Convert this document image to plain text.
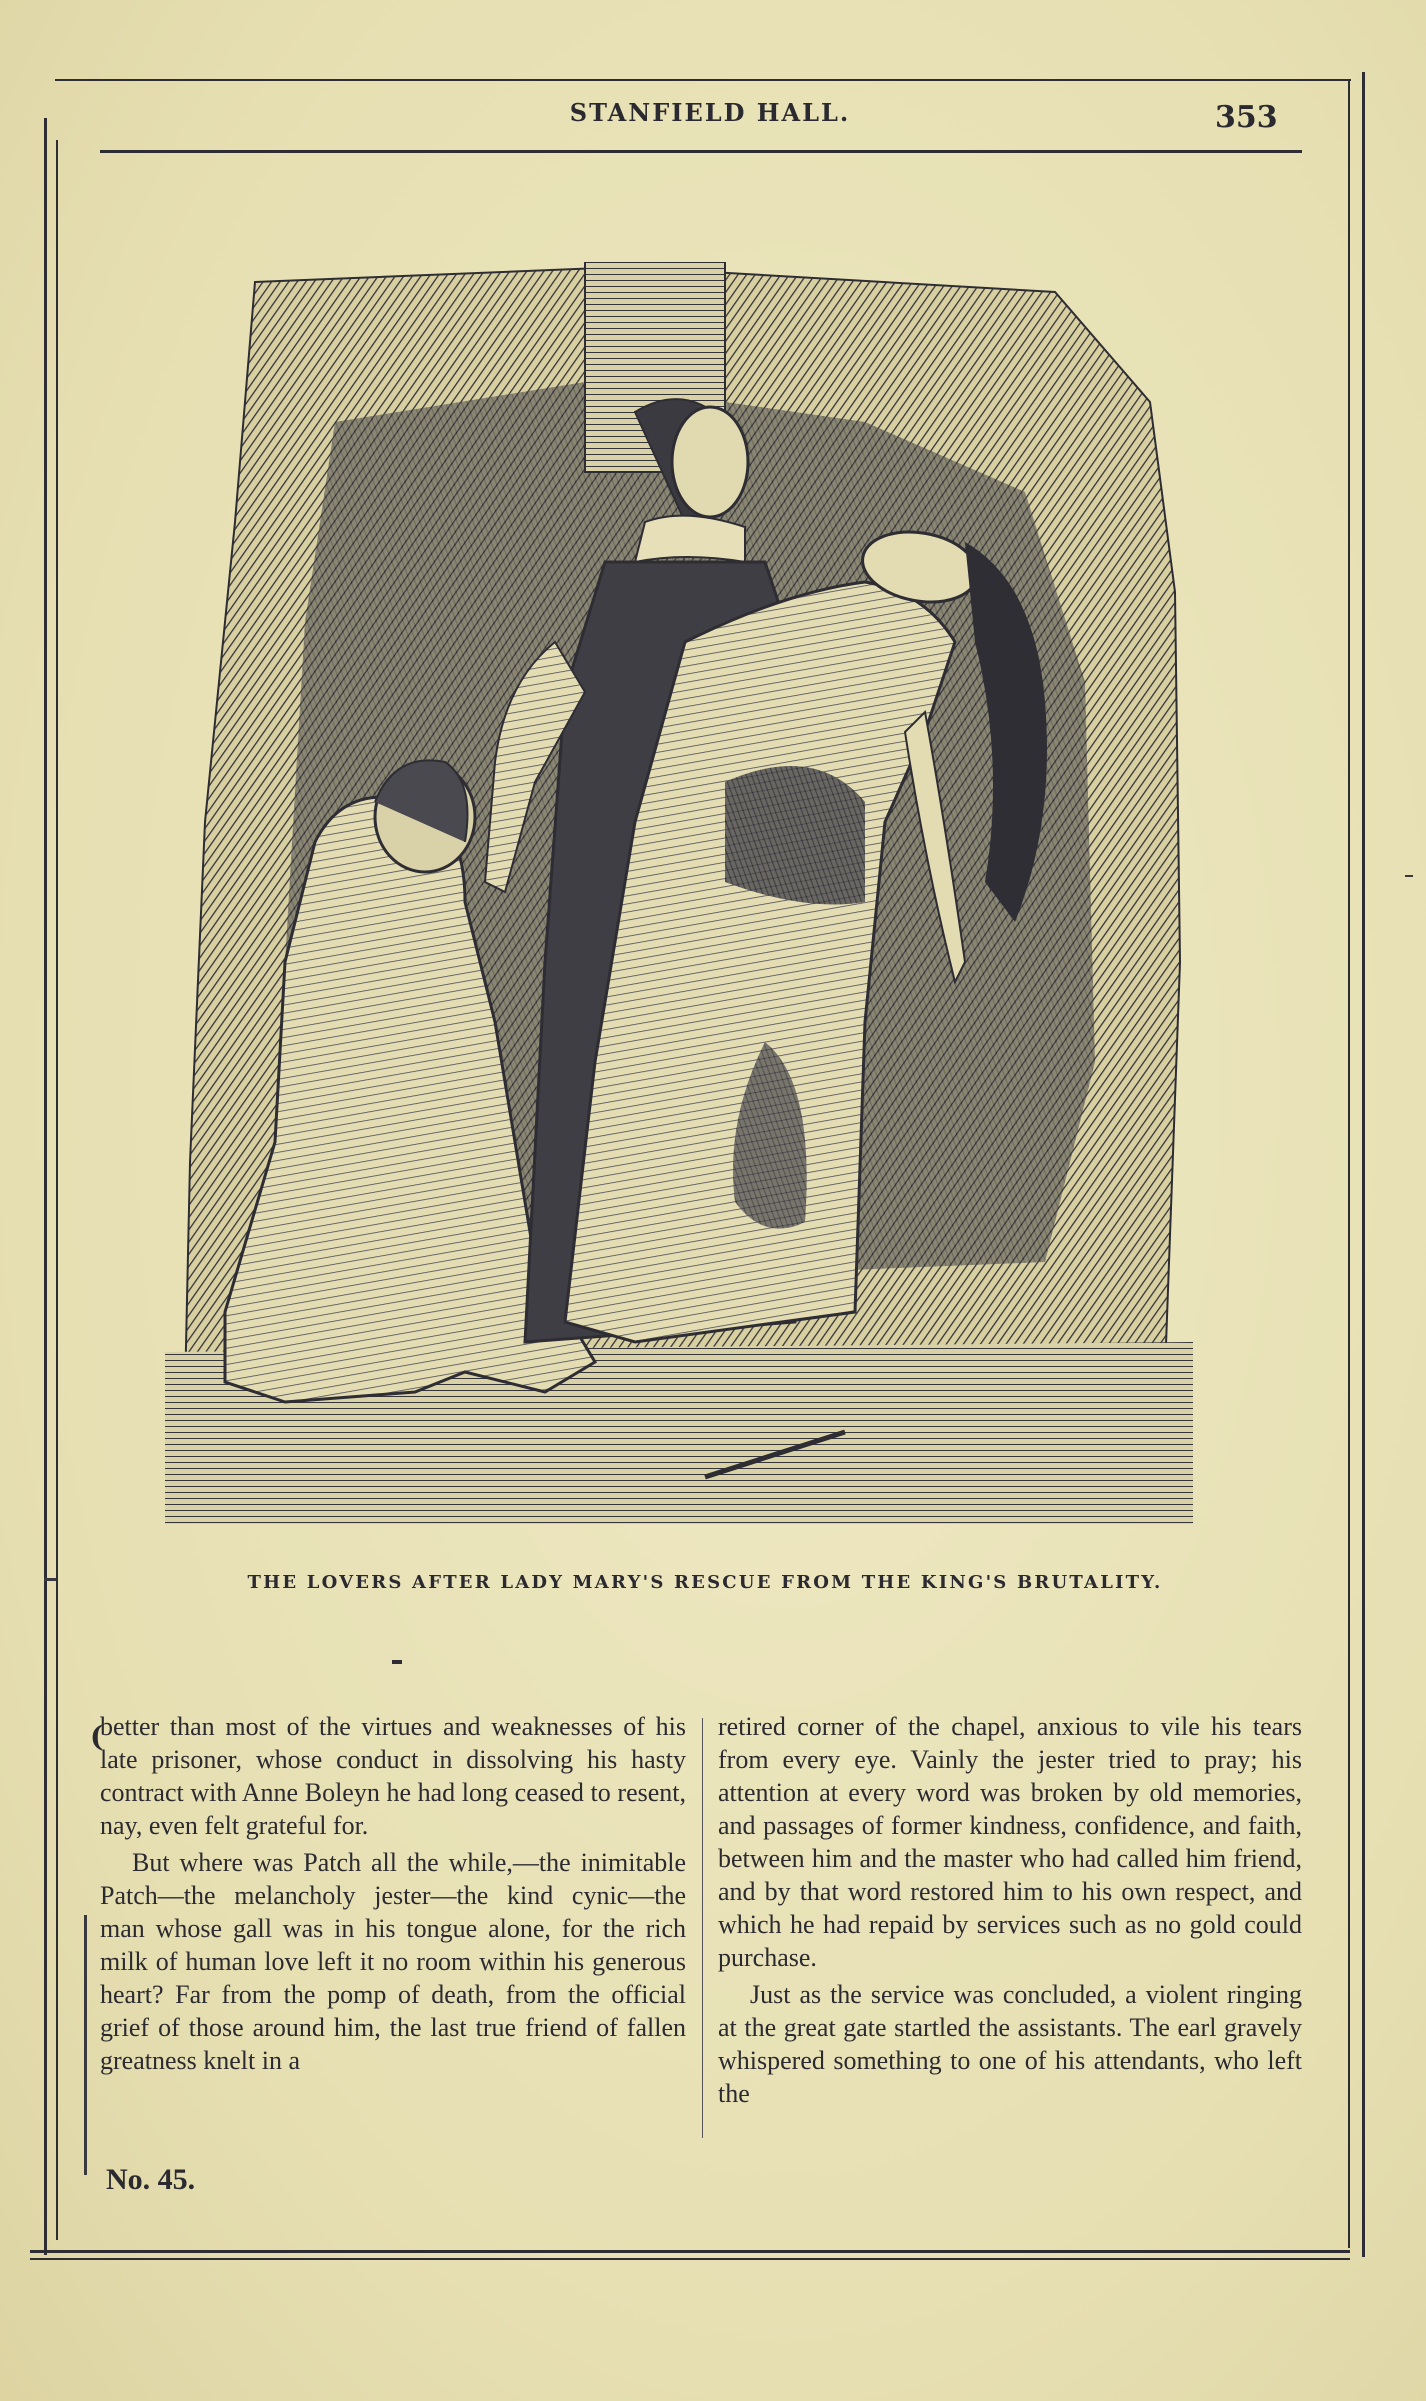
STANFIELD HALL.	353
THE LOVERS AFTER LADY MARY'S RESCUE FROM THE KING'S BRUTALITY.
(

better than most of the virtues and weaknesses of his late prisoner, whose conduct in dissolving his hasty contract with Anne Boleyn he had long ceased to resent, nay, even felt grateful for.

But where was Patch all the while,—the inimitable Patch—the melancholy jester—the kind cynic—the man whose gall was in his tongue alone, for the rich milk of human love left it no room within his generous heart? Far from the pomp of death, from the official grief of those around him, the last true friend of fallen greatness knelt in a

retired corner of the chapel, anxious to vile his tears from every eye. Vainly the jester tried to pray; his attention at every word was broken by old memories, and passages of former kindness, confidence, and faith, between him and the master who had called him friend, and by that word restored him to his own respect, and which he had repaid by services such as no gold could purchase.

Just as the service was concluded, a violent ringing at the great gate startled the assistants. The earl gravely whispered something to one of his attendants, who left the

No. 45.
